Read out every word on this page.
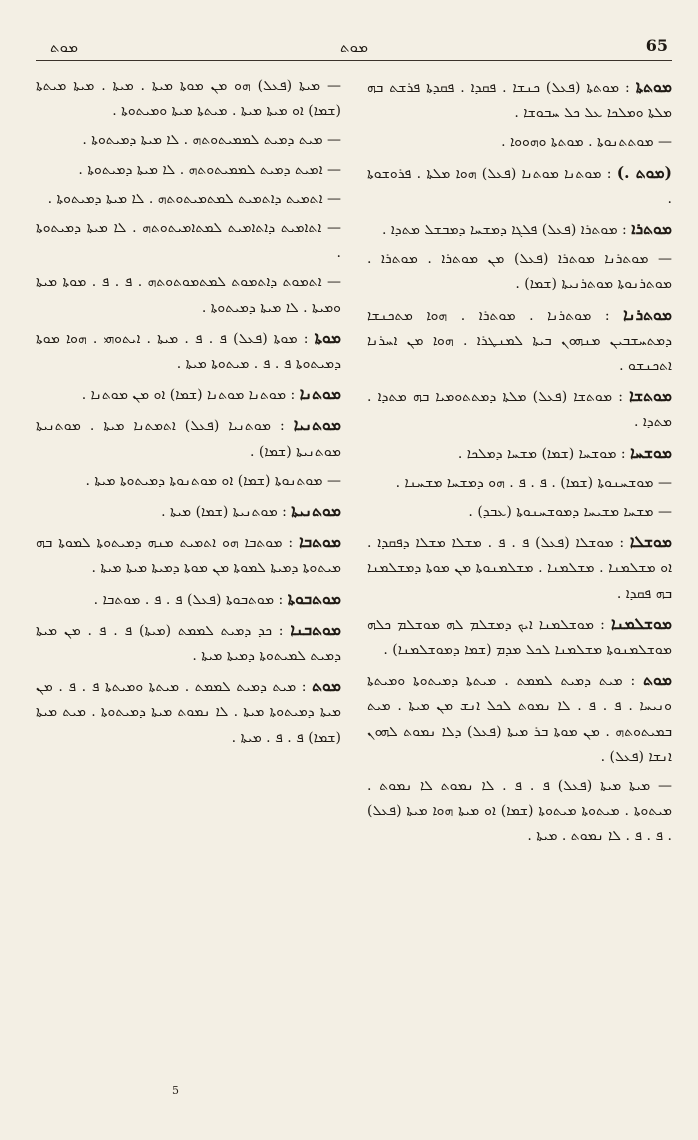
ܡܘܬ	ܡܘܬ	65

ܡܘܬܬܐ : ܡܘܬܬܐ (ܦܥܠ) ܟܢܫܐ . ܦܩܕܐ . ܦܩܕܬܐ ܦܪܫܬ ܒܗ ܡܠܬܐ ܘܡܠܟܐ ܥܠ ܟܠ ܚܒܘܫܐ .

— ܡܘܬܬܢܘܬܐ . ܡܘܬܬܐ ܘܗܘܘܐ .

(ܡܘܬ .) : ܡܘܬܢܐ ܡܘܬܢܐ (ܦܥܠ) ܗܘܐ ܡܠܬܐ . ܦܪܘܫܘܬܐ .

ܡܘܬܪܐ : ܡܘܬܪܐ (ܦܥܠ) ܦܠܓܐ ܕܡܫܚܐ ܕܡܒܫܠ ܡܬܕܐ .

— ܡܘܬܪܢܐ ܡܘܬܪܐ (ܦܥܠ) ܡܢ ܡܘܬܪܐ . ܡܘܬܪܐ . ܡܘܬܪܢܘܬܐ ܡܘܬܪܢܝܬܐ (ܫܡܐ) .

ܡܘܬܪܢܐ : ܡܘܬܪܢܐ . ܡܘܬܪܐ . ܗܘܐ ܡܬܟܢܫܐ ܕܡܬܚܫܒܝܢ ܡܢܗܘܢ ܒܝܬܐ ܠܡܢܛܪܐ . ܗܘܐ ܡܢ ܐܚܪܢܐ ܐܬܟܢܫܘ .

ܡܘܬܫܐ : ܡܘܬܫܐ (ܦܥܠ) ܡܠܬܐ ܕܡܬܬܘܡܝܐ ܒܗ ܡܬܕܐ . ܡܬܕܐ .

ܡܘܫܚܐ : ܡܘܫܚܐ (ܫܡܐ) ܡܫܚܐ ܕܡܠܟܐ .

— ܡܘܫܚܢܘܬܐ (ܫܡܐ) . ܦ . ܦ . ܗܘ ܕܡܫܚܐ ܡܫܚܢܐ .

— ܡܫܚܐ ܡܫܝܚܐ ܕܡܘܫܚܢܘܬܐ (ܥܒܕ) .

ܡܘܫܠܐ : ܡܘܫܠܐ (ܦܥܠ) ܦ . ܦ . ܡܫܠܐ ܡܫܠܐ ܕܦܩܕܐ . ܐܘ ܡܫܠܡܢܐ . ܡܫܠܡܢܐ . ܡܫܠܡܢܘܬܐ ܡܢ ܡܘܬܐ ܕܡܫܠܡܢܐ ܒܗ ܦܩܕܐ .

ܡܘܫܠܡܢܐ : ܡܘܫܠܡܢܐ ܐܝܟ ܕܡܫܠܡ ܠܗ ܡܘܫܠܡ ܟܠܗ ܡܘܫܠܡܢܘܬܐ ܡܫܠܡܢܐ ܠܟܠ ܡܕܡ (ܫܡܐ ܕܡܘܫܠܡܢܐ) .

ܡܘܬ : ܡܝܬ ܕܡܝܬ ܠܡܡܬ . ܡܝܬܬܐ ܕܡܝܬܘܬܐ ܘܡܝܬܬܐ ܘܢܝܚܐ . ܦ . ܦ . ܠܐ ܢܡܘܬ ܠܟܠ ܐܢܫ ܡܢ ܡܝܬܐ . ܡܝܬ ܒܡܝܬܘܬܗ . ܡܢ ܡܘܬܐ ܒܪ ܡܝܬܐ (ܦܥܠ) ܕܠܐ ܢܡܘܬ ܠܗܘܢ ܐܢܫܐ (ܦܥܠ) .

— ܡܝܬܐ ܡܝܬܐ (ܦܥܠ) ܦ . ܦ . ܠܐ ܢܡܘܬ ܠܐ ܢܡܘܬ . ܡܝܬܘܬܐ . ܡܝܬܘܬܐ ܡܝܬܘܬܐ (ܫܡܐ) ܐܘ ܡܝܬܐ ܗܘܐ ܡܝܬܐ (ܦܥܠ) . ܦ . ܦ . ܠܐ ܢܡܘܬ . ܡܝܬܐ .

— ܡܝܬܐ (ܦܥܠ) ܗܘ ܡܢ ܡܘܬܐ ܡܝܬܐ . ܡܝܬܐ . ܡܝܬܐ ܡܝܬܬܐ (ܫܡܐ) ܐܘ ܡܝܬܐ ܡܝܬܐ . ܡܝܬܬܐ ܡܝܬܐ ܘܡܝܬܘܬܐ .

— ܡܝܬ ܕܡܝܬ ܠܡܡܝܬܘܬܗ . ܠܐ ܡܝܬܐ ܕܡܝܬܘܬܐ .

— ܐܡܝܬ ܕܡܝܬ ܠܡܡܝܬܘܬܗ . ܠܐ ܡܝܬܐ ܕܡܝܬܘܬܐ .

— ܐܬܡܝܬ ܕܐܬܡܝܬ ܠܡܬܡܝܬܘܬܗ . ܠܐ ܡܝܬܐ ܕܡܝܬܘܬܐ .

— ܐܬܐܡܝܬ ܕܐܬܐܡܝܬ ܠܡܬܐܡܝܬܘܬܗ . ܠܐ ܡܝܬܐ ܕܡܝܬܘܬܐ .

— ܐܬܡܘܬ ܕܐܬܡܘܬ ܠܡܬܡܘܬܘܬܗ . ܦ . ܦ . ܡܘܬܐ ܡܝܬܐ ܘܡܝܬܐ . ܠܐ ܡܝܬܐ ܕܡܝܬܘܬܐ .

ܡܘܬܐ : ܡܘܬܐ (ܦܥܠ) ܦ . ܦ . ܡܝܬܐ . ܐܝܬܘܗܝ . ܗܘܐ ܡܘܬܐ ܕܡܝܬܘܬܐ ܦ . ܦ . ܡܝܬܘܬܐ ܡܝܬܐ .

ܡܘܬܢܐ : ܡܘܬܢܐ ܡܘܬܢܐ (ܫܡܐ) ܐܘ ܡܢ ܡܘܬܢܐ .

ܡܘܬܢܝܐ : ܡܘܬܢܝܐ (ܦܥܠ) ܐܬܡܬܢܐ ܡܝܬܐ . ܡܘܬܢܝܬܐ ܡܘܬܢܝܬܐ (ܫܡܐ) .

— ܡܘܬܢܘܬܐ (ܫܡܐ) ܐܘ ܡܘܬܢܘܬܐ ܕܡܝܬܘܬܐ ܡܝܬܐ .

ܡܘܬܢܝܬܐ : ܡܘܬܢܝܬܐ (ܫܡܐ) ܡܝܬܐ .

ܡܘܬܒܐ : ܡܘܬܒܐ ܗܘ ܐܬܡܝܬ ܡܢܗ ܕܡܝܬܘܬܐ ܠܡܘܬܐ ܒܗ ܡܝܬܘܬܐ ܕܡܝܬܐ ܠܡܘܬܐ ܡܢ ܡܘܬܐ ܕܡܝܬܐ ܡܝܬܐ ܡܝܬܐ .

ܡܘܬܒܘܬܐ : ܡܘܬܒܘܬܐ (ܦܥܠ) ܦ . ܦ . ܡܘܬܒܐ .

ܡܘܬܒܢܐ : ܟܕ ܕܡܝܬ ܠܡܡܬ (ܡܝܬܐ) ܦ . ܦ . ܡܢ ܡܝܬܐ ܕܡܝܬ ܠܡܝܬܘܬܐ ܕܡܝܬܐ ܡܝܬܐ .

ܡܘܬ : ܡܝܬ ܕܡܝܬ ܠܡܡܬ . ܡܝܬܬܐ ܘܡܝܬܬܐ ܦ . ܦ . ܡܢ ܡܝܬܐ ܕܡܝܬܘܬܐ ܡܝܬܐ . ܠܐ ܢܡܘܬ ܡܝܬܐ ܕܡܝܬܘܬܐ . ܡܝܬ ܡܝܬܐ (ܫܡܐ) ܦ . ܦ . ܡܝܬܐ .

5
